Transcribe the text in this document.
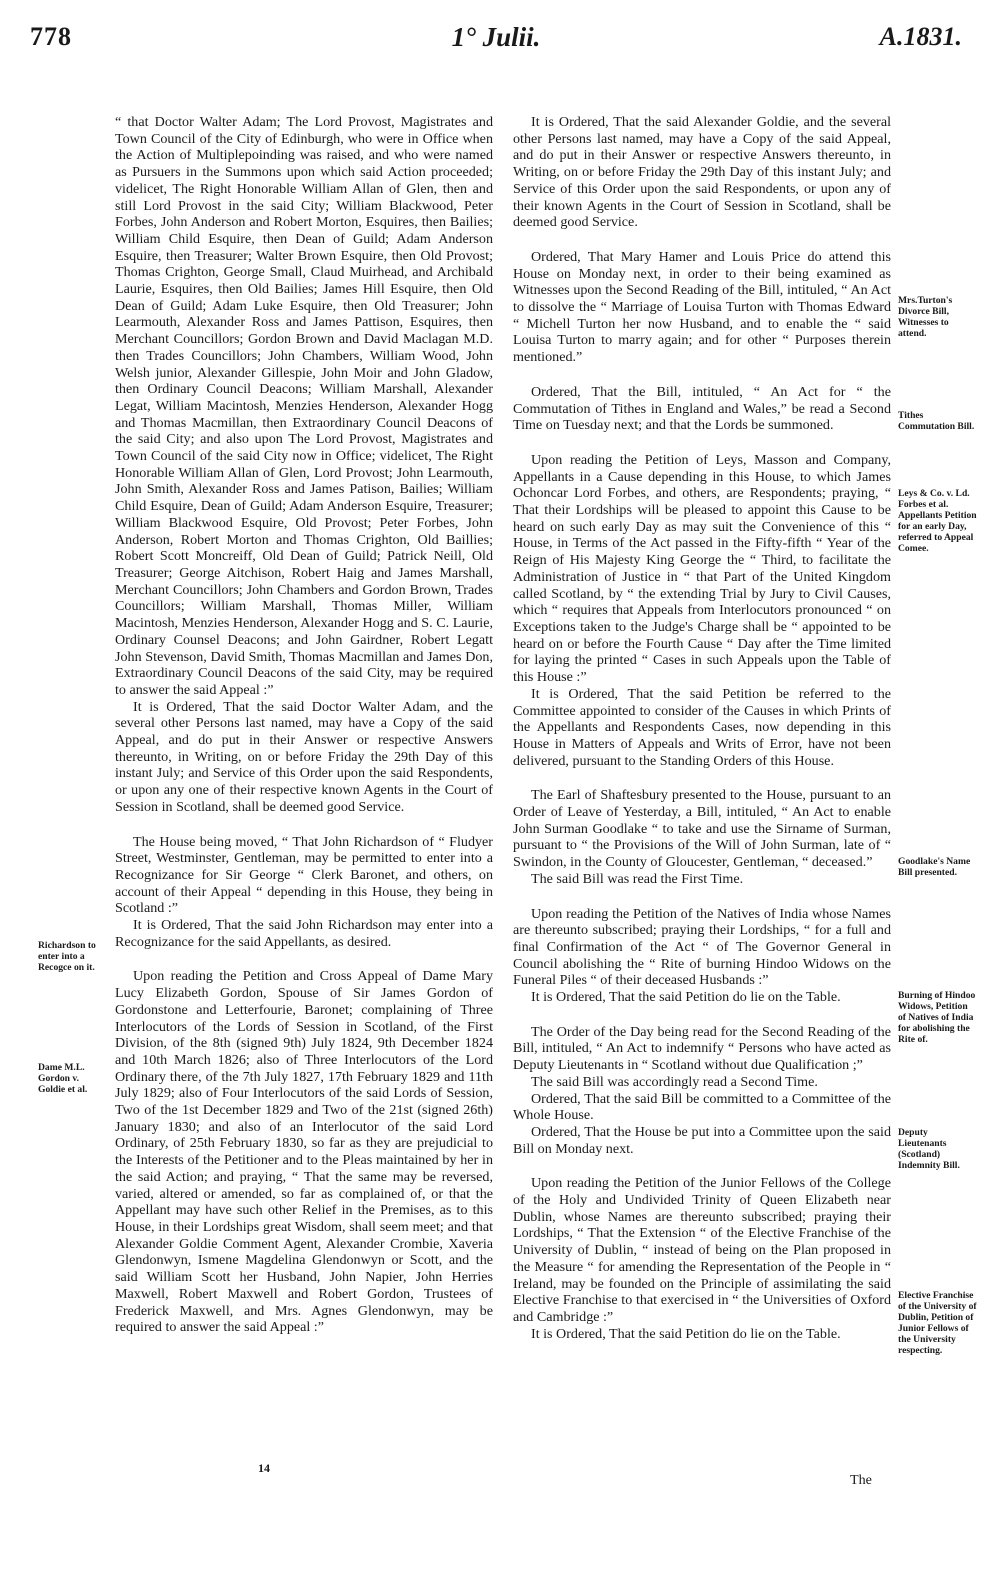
778	1° Julii.	A.1831.

“ that Doctor Walter Adam; The Lord Provost, Magistrates and Town Council of the City of Edinburgh, who were in Office when the Action of Multiplepoinding was raised, and who were named as Pursuers in the Summons upon which said Action proceeded; videlicet, The Right Honorable William Allan of Glen, then and still Lord Provost in the said City; William Blackwood, Peter Forbes, John Anderson and Robert Morton, Esquires, then Bailies; William Child Esquire, then Dean of Guild; Adam Anderson Esquire, then Treasurer; Walter Brown Esquire, then Old Provost; Thomas Crighton, George Small, Claud Muirhead, and Archibald Laurie, Esquires, then Old Bailies; James Hill Esquire, then Old Dean of Guild; Adam Luke Esquire, then Old Treasurer; John Learmouth, Alexander Ross and James Pattison, Esquires, then Merchant Councillors; Gordon Brown and David Maclagan M.D. then Trades Councillors; John Chambers, William Wood, John Welsh junior, Alexander Gillespie, John Moir and John Gladow, then Ordinary Council Deacons; William Marshall, Alexander Legat, William Macintosh, Menzies Henderson, Alexander Hogg and Thomas Macmillan, then Extraordinary Council Deacons of the said City; and also upon The Lord Provost, Magistrates and Town Council of the said City now in Office; videlicet, The Right Honorable William Allan of Glen, Lord Provost; John Learmouth, John Smith, Alexander Ross and James Patison, Bailies; William Child Esquire, Dean of Guild; Adam Anderson Esquire, Treasurer; William Blackwood Esquire, Old Provost; Peter Forbes, John Anderson, Robert Morton and Thomas Crighton, Old Baillies; Robert Scott Moncreiff, Old Dean of Guild; Patrick Neill, Old Treasurer; George Aitchison, Robert Haig and James Marshall, Merchant Councillors; John Chambers and Gordon Brown, Trades Councillors; William Marshall, Thomas Miller, William Macintosh, Menzies Henderson, Alexander Hogg and S. C. Laurie, Ordinary Counsel Deacons; and John Gairdner, Robert Legatt John Stevenson, David Smith, Thomas Macmillan and James Don, Extraordinary Council Deacons of the said City, may be required to answer the said Appeal :”

It is Ordered, That the said Doctor Walter Adam, and the several other Persons last named, may have a Copy of the said Appeal, and do put in their Answer or respective Answers thereunto, in Writing, on or before Friday the 29th Day of this instant July; and Service of this Order upon the said Respondents, or upon any one of their respective known Agents in the Court of Session in Scotland, shall be deemed good Service.

The House being moved, “ That John Richardson of “ Fludyer Street, Westminster, Gentleman, may be permitted to enter into a Recognizance for Sir George “ Clerk Baronet, and others, on account of their Appeal “ depending in this House, they being in Scotland :”

It is Ordered, That the said John Richardson may enter into a Recognizance for the said Appellants, as desired.

Upon reading the Petition and Cross Appeal of Dame Mary Lucy Elizabeth Gordon, Spouse of Sir James Gordon of Gordonstone and Letterfourie, Baronet; complaining of Three Interlocutors of the Lords of Session in Scotland, of the First Division, of the 8th (signed 9th) July 1824, 9th December 1824 and 10th March 1826; also of Three Interlocutors of the Lord Ordinary there, of the 7th July 1827, 17th February 1829 and 11th July 1829; also of Four Interlocutors of the said Lords of Session, Two of the 1st December 1829 and Two of the 21st (signed 26th) January 1830; and also of an Interlocutor of the said Lord Ordinary, of 25th February 1830, so far as they are prejudicial to the Interests of the Petitioner and to the Pleas maintained by her in the said Action; and praying, “ That the same may be reversed, varied, altered or amended, so far as complained of, or that the Appellant may have such other Relief in the Premises, as to this House, in their Lordships great Wisdom, shall seem meet; and that Alexander Goldie Comment Agent, Alexander Crombie, Xaveria Glendonwyn, Ismene Magdelina Glendonwyn or Scott, and the said William Scott her Husband, John Napier, John Herries Maxwell, Robert Maxwell and Robert Gordon, Trustees of Frederick Maxwell, and Mrs. Agnes Glendonwyn, may be required to answer the said Appeal :”

It is Ordered, That the said Alexander Goldie, and the several other Persons last named, may have a Copy of the said Appeal, and do put in their Answer or respective Answers thereunto, in Writing, on or before Friday the 29th Day of this instant July; and Service of this Order upon the said Respondents, or upon any of their known Agents in the Court of Session in Scotland, shall be deemed good Service.

Ordered, That Mary Hamer and Louis Price do attend this House on Monday next, in order to their being examined as Witnesses upon the Second Reading of the Bill, intituled, “ An Act to dissolve the “ Marriage of Louisa Turton with Thomas Edward “ Michell Turton her now Husband, and to enable the “ said Louisa Turton to marry again; and for other “ Purposes therein mentioned.”

Ordered, That the Bill, intituled, “ An Act for “ the Commutation of Tithes in England and Wales,” be read a Second Time on Tuesday next; and that the Lords be summoned.

Upon reading the Petition of Leys, Masson and Company, Appellants in a Cause depending in this House, to which James Ochoncar Lord Forbes, and others, are Respondents; praying, “ That their Lordships will be pleased to appoint this Cause to be heard on such early Day as may suit the Convenience of this “ House, in Terms of the Act passed in the Fifty-fifth “ Year of the Reign of His Majesty King George the “ Third, to facilitate the Administration of Justice in “ that Part of the United Kingdom called Scotland, by “ the extending Trial by Jury to Civil Causes, which “ requires that Appeals from Interlocutors pronounced “ on Exceptions taken to the Judge's Charge shall be “ appointed to be heard on or before the Fourth Cause “ Day after the Time limited for laying the printed “ Cases in such Appeals upon the Table of this House :”

It is Ordered, That the said Petition be referred to the Committee appointed to consider of the Causes in which Prints of the Appellants and Respondents Cases, now depending in this House in Matters of Appeals and Writs of Error, have not been delivered, pursuant to the Standing Orders of this House.

The Earl of Shaftesbury presented to the House, pursuant to an Order of Leave of Yesterday, a Bill, intituled, “ An Act to enable John Surman Goodlake “ to take and use the Sirname of Surman, pursuant to “ the Provisions of the Will of John Surman, late of “ Swindon, in the County of Gloucester, Gentleman, “ deceased.”

The said Bill was read the First Time.

Upon reading the Petition of the Natives of India whose Names are thereunto subscribed; praying their Lordships, “ for a full and final Confirmation of the Act “ of The Governor General in Council abolishing the “ Rite of burning Hindoo Widows on the Funeral Piles “ of their deceased Husbands :”

It is Ordered, That the said Petition do lie on the Table.

The Order of the Day being read for the Second Reading of the Bill, intituled, “ An Act to indemnify “ Persons who have acted as Deputy Lieutenants in “ Scotland without due Qualification ;”

The said Bill was accordingly read a Second Time.

Ordered, That the said Bill be committed to a Committee of the Whole House.

Ordered, That the House be put into a Committee upon the said Bill on Monday next.

Upon reading the Petition of the Junior Fellows of the College of the Holy and Undivided Trinity of Queen Elizabeth near Dublin, whose Names are thereunto subscribed; praying their Lordships, “ That the Extension “ of the Elective Franchise of the University of Dublin, “ instead of being on the Plan proposed in the Measure “ for amending the Representation of the People in “ Ireland, may be founded on the Principle of assimilating the said Elective Franchise to that exercised in “ the Universities of Oxford and Cambridge :”

It is Ordered, That the said Petition do lie on the Table.

Richardson to enter into a Recogce on it.
Dame M.L. Gordon v. Goldie et al.
Mrs.Turton's Divorce Bill, Witnesses to attend.
Tithes Commutation Bill.
Leys & Co. v. Ld. Forbes et al. Appellants Petition for an early Day, referred to Appeal Comee.
Goodlake's Name Bill presented.
Burning of Hindoo Widows, Petition of Natives of India for abolishing the Rite of.
Deputy Lieutenants (Scotland) Indemnity Bill.
Elective Franchise of the University of Dublin, Petition of Junior Fellows of the University respecting.
14
The
